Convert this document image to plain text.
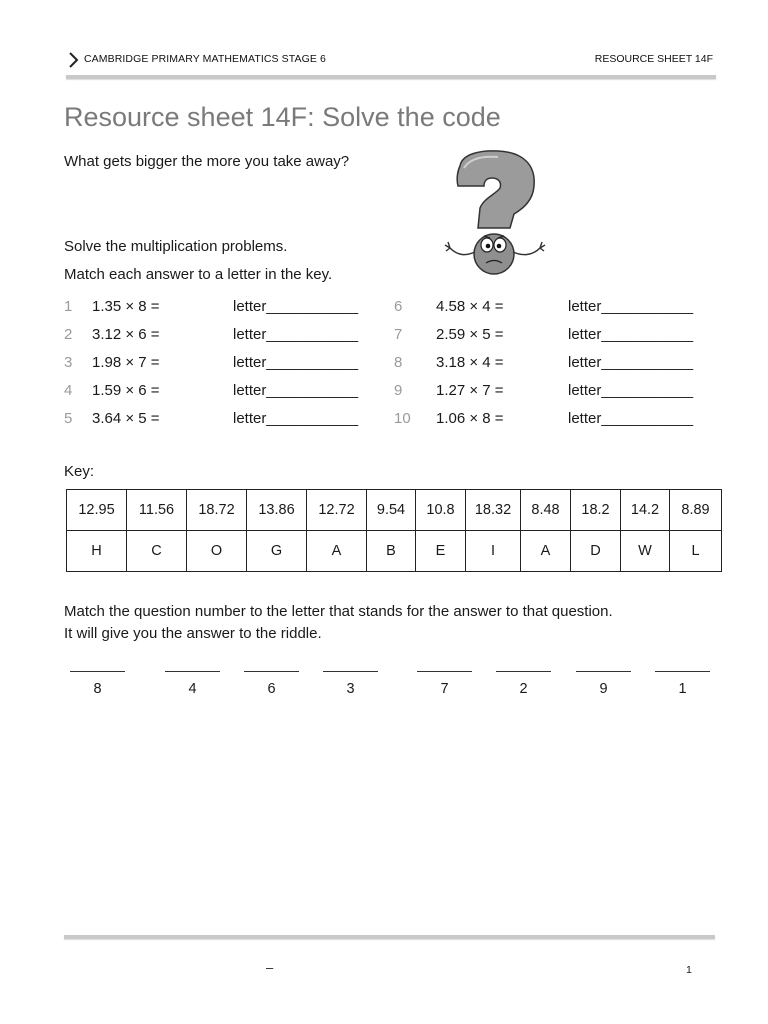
CAMBRIDGE PRIMARY MATHEMATICS STAGE 6	RESOURCE SHEET 14F
Resource sheet 14F: Solve the code
What gets bigger the more you take away?
Solve the multiplication problems.
Match each answer to a letter in the key.
1 1.35 × 8 =	letter___________
2 3.12 × 6 =	letter___________
3 1.98 × 7 =	letter___________
4 1.59 × 6 =	letter___________
5 3.64 × 5 =	letter___________
6 4.58 × 4 =	letter___________
7 2.59 × 5 =	letter___________
8 3.18 × 4 =	letter___________
9 1.27 × 7 =	letter___________
10 1.06 × 8 =	letter___________
Key:
12.95	11.56	18.72	13.86	12.72	9.54	10.8	18.32	8.48	18.2	14.2	8.89
H	C	O	G	A	B	E	I	A	D	W	L
Match the question number to the letter that stands for the answer to that question.
It will give you the answer to the riddle.
8	4	6	3	7	2	9	1
–	1
